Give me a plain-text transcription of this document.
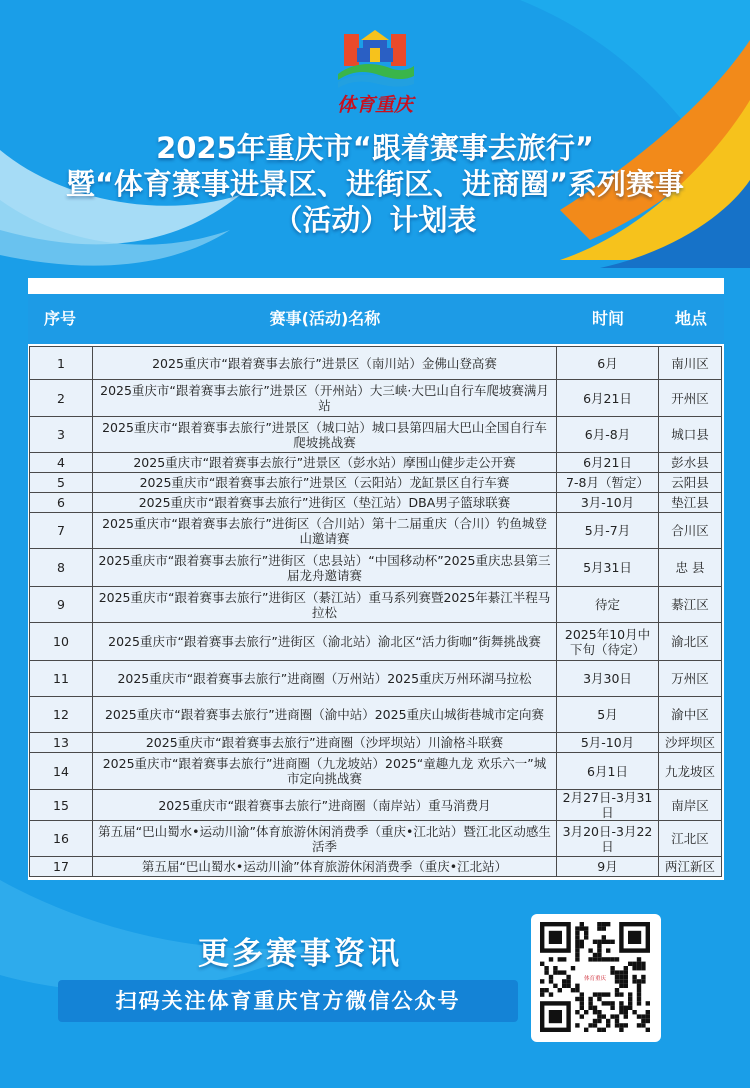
体育重庆
2025年重庆市“跟着赛事去旅行”
暨“体育赛事进景区、进街区、进商圈”系列赛事
（活动）计划表
序号	赛事(活动)名称	时间	地点
1	2025重庆市“跟着赛事去旅行”进景区（南川站）金佛山登高赛	6月	南川区
2	2025重庆市“跟着赛事去旅行”进景区（开州站）大三峡·大巴山自行车爬坡赛满月站	6月21日	开州区
3	2025重庆市“跟着赛事去旅行”进景区（城口站）城口县第四届大巴山全国自行车爬坡挑战赛	6月-8月	城口县
4	2025重庆市“跟着赛事去旅行”进景区（彭水站）摩围山健步走公开赛	6月21日	彭水县
5	2025重庆市“跟着赛事去旅行”进景区（云阳站）龙缸景区自行车赛	7-8月（暂定）	云阳县
6	2025重庆市“跟着赛事去旅行”进街区（垫江站）DBA男子篮球联赛	3月-10月	垫江县
7	2025重庆市“跟着赛事去旅行”进街区（合川站）第十二届重庆（合川）钓鱼城登山邀请赛	5月-7月	合川区
8	2025重庆市“跟着赛事去旅行”进街区（忠县站）“中国移动杯”2025重庆忠县第三届龙舟邀请赛	5月31日	忠 县
9	2025重庆市“跟着赛事去旅行”进街区（綦江站）重马系列赛暨2025年綦江半程马拉松	待定	綦江区
10	2025重庆市“跟着赛事去旅行”进街区（渝北站）渝北区“活力街咖”街舞挑战赛	2025年10月中下旬（待定）	渝北区
11	2025重庆市“跟着赛事去旅行”进商圈（万州站）2025重庆万州环湖马拉松	3月30日	万州区
12	2025重庆市“跟着赛事去旅行”进商圈（渝中站）2025重庆山城街巷城市定向赛	5月	渝中区
13	2025重庆市“跟着赛事去旅行”进商圈（沙坪坝站）川渝格斗联赛	5月-10月	沙坪坝区
14	2025重庆市“跟着赛事去旅行”进商圈（九龙坡站）2025“童趣九龙 欢乐六一”城市定向挑战赛	6月1日	九龙坡区
15	2025重庆市“跟着赛事去旅行”进商圈（南岸站）重马消费月	2月27日-3月31日	南岸区
16	第五届“巴山蜀水•运动川渝”体育旅游休闲消费季（重庆•江北站）暨江北区动感生活季	3月20日-3月22日	江北区
17	第五届“巴山蜀水•运动川渝”体育旅游休闲消费季（重庆•江北站）	9月	两江新区
更多赛事资讯
扫码关注体育重庆官方微信公众号
体育重庆
